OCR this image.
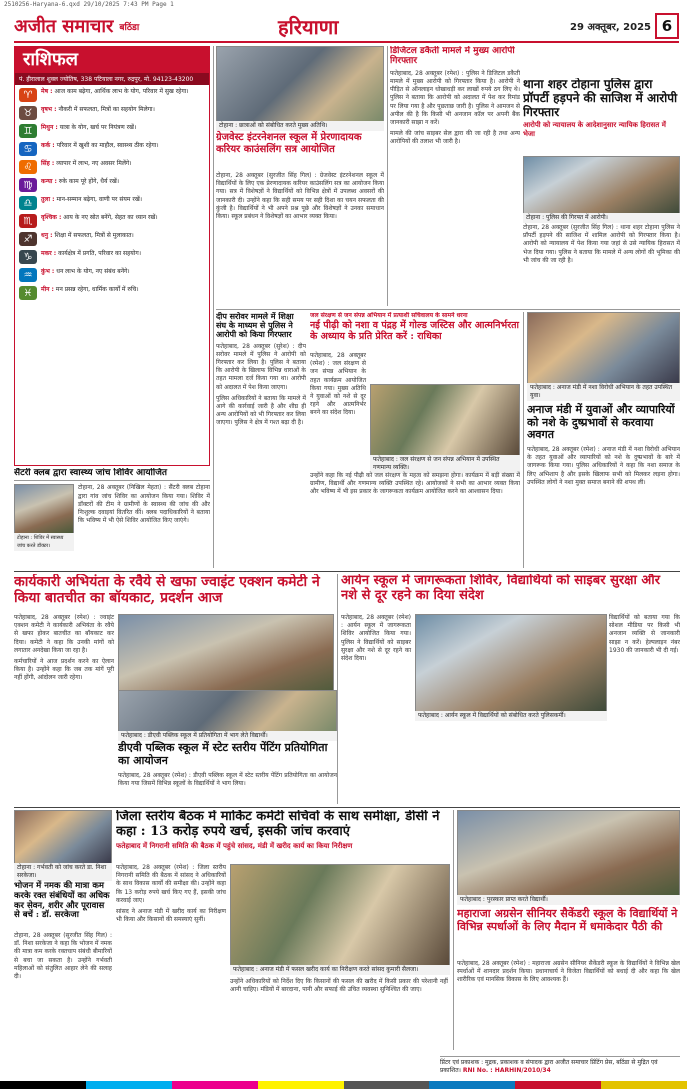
2510256-Haryana-6.qxd 29/10/2025 7:43 PM Page 1
अजीत समाचार बठिंडा	हरियाणा	29 अक्तूबर, 2025 6
राशिफल
पं. हीरालाल शुक्ल ज्योतिष, 338 पटियाला नगर, रुद्रपुर, मो. 94123-43200
♈	मेष : आज काम बढ़ेगा, आर्थिक लाभ के योग, परिवार में सुख रहेगा।
♉	वृषभ : नौकरी में सफलता, मित्रों का सहयोग मिलेगा।
♊	मिथुन : यात्रा के योग, खर्च पर नियंत्रण रखें।
♋	कर्क : परिवार में खुशी का माहौल, स्वास्थ्य ठीक रहेगा।
♌	सिंह : व्यापार में लाभ, नए अवसर मिलेंगे।
♍	कन्या : रुके काम पूरे होंगे, धैर्य रखें।
♎	तुला : मान-सम्मान बढ़ेगा, वाणी पर संयम रखें।
♏	वृश्चिक : आय के नए स्रोत बनेंगे, सेहत का ध्यान रखें।
♐	धनु : शिक्षा में सफलता, मित्रों से मुलाकात।
♑	मकर : कार्यक्षेत्र में प्रगति, परिवार का सहयोग।
♒	कुंभ : धन लाभ के योग, नए संबंध बनेंगे।
♓	मीन : मन प्रसन्न रहेगा, धार्मिक कार्यों में रुचि।
सैंटरी क्लब द्वारा स्वास्थ्य जांच शिविर आयोजित
टोहाना : शिविर में स्वास्थ्य जांच करते डॉक्टर।

टोहाना, 28 अक्तूबर (निखिल मेहता) : सैंटरी क्लब टोहाना द्वारा गांव जांच शिविर का आयोजन किया गया। शिविर में डॉक्टरों की टीम ने ग्रामीणों के स्वास्थ्य की जांच की और निःशुल्क दवाइयां वितरित कीं। क्लब पदाधिकारियों ने बताया कि भविष्य में भी ऐसे शिविर आयोजित किए जाएंगे।

टोहाना : छात्राओं को संबोधित करते मुख्य अतिथि।
ग्रेजवेस्ट इंटरनेशनल स्कूल में प्रेरणादायक करियर काउंसलिंग सत्र आयोजित

टोहाना, 28 अक्तूबर (सुरजीत सिंह गिल) : ग्रेजवेस्ट इंटरनेशनल स्कूल में विद्यार्थियों के लिए एक प्रेरणादायक करियर काउंसलिंग सत्र का आयोजन किया गया। सत्र में विशेषज्ञों ने विद्यार्थियों को विभिन्न क्षेत्रों में उपलब्ध अवसरों की जानकारी दी। उन्होंने कहा कि सही समय पर सही दिशा का चयन सफलता की कुंजी है। विद्यार्थियों ने भी अपने प्रश्न पूछे और विशेषज्ञों ने उनका समाधान किया। स्कूल प्रबंधन ने विशेषज्ञों का आभार व्यक्त किया।

डिजिटल डकैती मामले में मुख्य आरोपी गिरफ्तार

फतेहाबाद, 28 अक्तूबर (रमेश) : पुलिस ने डिजिटल डकैती मामले में मुख्य आरोपी को गिरफ्तार किया है। आरोपी ने पीड़ित से ऑनलाइन धोखाधड़ी कर लाखों रुपये ठग लिए थे। पुलिस ने बताया कि आरोपी को अदालत में पेश कर रिमांड पर लिया गया है और पूछताछ जारी है। पुलिस ने आमजन से अपील की है कि किसी भी अनजान कॉल पर अपनी बैंक जानकारी साझा न करें।

मामले की जांच साइबर सेल द्वारा की जा रही है तथा अन्य आरोपियों की तलाश भी जारी है।

थाना शहर टोहाना पुलिस द्वारा प्रॉपर्टी हड़पने की साजिश में आरोपी गिरफ्तार
आरोपी को न्यायालय के आदेशानुसार न्यायिक हिरासत में भेजा
टोहाना : पुलिस की गिरफ्त में आरोपी।

टोहाना, 28 अक्तूबर (सुरजीत सिंह गिल) : थाना शहर टोहाना पुलिस ने प्रॉपर्टी हड़पने की साजिश में शामिल आरोपी को गिरफ्तार किया है। आरोपी को न्यायालय में पेश किया गया जहां से उसे न्यायिक हिरासत में भेज दिया गया। पुलिस ने बताया कि मामले में अन्य लोगों की भूमिका की भी जांच की जा रही है।

दीप सरोवर मामले में शिक्षा संघ के माध्यम से पुलिस ने आरोपी को किया गिरफ्तार

फतेहाबाद, 28 अक्तूबर (सुरेश) : दीप सरोवर मामले में पुलिस ने आरोपी को गिरफ्तार कर लिया है। पुलिस ने बताया कि आरोपी के खिलाफ विभिन्न धाराओं के तहत मामला दर्ज किया गया था। आरोपी को अदालत में पेश किया जाएगा।

पुलिस अधिकारियों ने बताया कि मामले में आगे की कार्रवाई जारी है और शीघ्र ही अन्य आरोपियों को भी गिरफ्तार कर लिया जाएगा। पुलिस ने क्षेत्र में गश्त बढ़ा दी है।

जल संरक्षण से जन संपन्न अभियान में प्रत्याशी सचिवालय के सामने धरना
नई पीढ़ी को नशा व पंद्रह में गोल्ड जस्टिस और आत्मनिर्भरता के अध्याय के प्रति प्रेरित करें : राधिका
फतेहाबाद : जल संरक्षण से जन संपन्न अभियान में उपस्थित गणमान्य व्यक्ति।

फतेहाबाद, 28 अक्तूबर (रमेश) : जल संरक्षण से जन संपन्न अभियान के तहत कार्यक्रम आयोजित किया गया। मुख्य अतिथि ने युवाओं को नशे से दूर रहने और आत्मनिर्भर बनने का संदेश दिया।

उन्होंने कहा कि नई पीढ़ी को जल संरक्षण के महत्व को समझना होगा। कार्यक्रम में बड़ी संख्या में ग्रामीण, विद्यार्थी और गणमान्य व्यक्ति उपस्थित रहे। आयोजकों ने सभी का आभार व्यक्त किया और भविष्य में भी इस प्रकार के जागरूकता कार्यक्रम आयोजित करने का आश्वासन दिया।

फतेहाबाद : अनाज मंडी में नशा विरोधी अभियान के तहत उपस्थित युवा।
अनाज मंडी में युवाओं और व्यापारियों को नशे के दुष्प्रभावों से करवाया अवगत

फतेहाबाद, 28 अक्तूबर (रमेश) : अनाज मंडी में नशा विरोधी अभियान के तहत युवाओं और व्यापारियों को नशे के दुष्प्रभावों के बारे में जागरूक किया गया। पुलिस अधिकारियों ने कहा कि नशा समाज के लिए अभिशाप है और इसके खिलाफ सभी को मिलकर लड़ना होगा। उपस्थित लोगों ने नशा मुक्त समाज बनाने की शपथ ली।

कार्यकारी अभियंता के रवैये से खफा ज्वाइंट एक्शन कमेटी ने किया बातचीत का बॉयकाट, प्रदर्शन आज

फतेहाबाद, 28 अक्तूबर (रमेश) : ज्वाइंट एक्शन कमेटी ने कार्यकारी अभियंता के रवैये से खफा होकर बातचीत का बॉयकाट कर दिया। कमेटी ने कहा कि उनकी मांगों को लगातार अनदेखा किया जा रहा है।

कर्मचारियों ने आज प्रदर्शन करने का ऐलान किया है। उन्होंने कहा कि जब तक मांगें पूरी नहीं होंगी, आंदोलन जारी रहेगा।

आर्यन स्कूल में जागरूकता शिविर, विद्यार्थियों को साइबर सुरक्षा और नशे से दूर रहने का दिया संदेश

फतेहाबाद, 28 अक्तूबर (रमेश) : आर्यन स्कूल में जागरूकता शिविर आयोजित किया गया। पुलिस ने विद्यार्थियों को साइबर सुरक्षा और नशे से दूर रहने का संदेश दिया।

फतेहाबाद : आर्यन स्कूल में विद्यार्थियों को संबोधित करते पुलिसकर्मी।

विद्यार्थियों को बताया गया कि सोशल मीडिया पर किसी भी अनजान व्यक्ति से जानकारी साझा न करें। हेल्पलाइन नंबर 1930 की जानकारी भी दी गई।

फतेहाबाद : डीएवी पब्लिक स्कूल में प्रतियोगिता में भाग लेते विद्यार्थी।
डीएवी पब्लिक स्कूल में स्टेट स्तरीय पेंटिंग प्रतियोगिता का आयोजन

फतेहाबाद, 28 अक्तूबर (रमेश) : डीएवी पब्लिक स्कूल में स्टेट स्तरीय पेंटिंग प्रतियोगिता का आयोजन किया गया जिसमें विभिन्न स्कूलों के विद्यार्थियों ने भाग लिया।

जिला स्तरीय बैठक में मार्किट कमेटी सचिवों के साथ समीक्षा, डीसी ने कहा : 13 करोड़ रुपये खर्च, इसकी जांच करवाएं
फतेहाबाद में निगरानी समिति की बैठक में पहुंचे सांसद, मंडी में खरीद कार्य का किया निरीक्षण

फतेहाबाद, 28 अक्तूबर (रमेश) : जिला स्तरीय निगरानी समिति की बैठक में सांसद ने अधिकारियों के साथ विकास कार्यों की समीक्षा की। उन्होंने कहा कि 13 करोड़ रुपये खर्च किए गए हैं, इसकी जांच करवाई जाए।

सांसद ने अनाज मंडी में खरीद कार्य का निरीक्षण भी किया और किसानों की समस्याएं सुनीं।

फतेहाबाद : अनाज मंडी में फसल खरीद कार्य का निरीक्षण करते सांसद कुमारी सैलजा।

उन्होंने अधिकारियों को निर्देश दिए कि किसानों की फसल की खरीद में किसी प्रकार की परेशानी नहीं आनी चाहिए। मंडियों में बारदाना, पानी और सफाई की उचित व्यवस्था सुनिश्चित की जाए।

टोहाना : गर्भवती को जांच करते डा. निशा सरकेजा।
भोजन में नमक की मात्रा कम करके रक्त संबंधियों का अधिक कर सेवन, शरीर और पूरावास से बचें : डॉ. सरकेजा

टोहाना, 28 अक्तूबर (सुरजीत सिंह गिल) : डॉ. निशा सरकेजा ने कहा कि भोजन में नमक की मात्रा कम करके रक्तचाप संबंधी बीमारियों से बचा जा सकता है। उन्होंने गर्भवती महिलाओं को संतुलित आहार लेने की सलाह दी।

फतेहाबाद : पुरस्कार प्राप्त करते विद्यार्थी।
महाराजा अग्रसेन सीनियर सैकेंडरी स्कूल के विद्यार्थियों ने विभिन्न स्पर्धाओं के लिए मैदान में धमाकेदार पैठी की

फतेहाबाद, 28 अक्तूबर (रमेश) : महाराजा अग्रसेन सीनियर सैकेंडरी स्कूल के विद्यार्थियों ने विभिन्न खेल स्पर्धाओं में शानदार प्रदर्शन किया। प्रधानाचार्य ने विजेता विद्यार्थियों को बधाई दी और कहा कि खेल शारीरिक एवं मानसिक विकास के लिए आवश्यक हैं।

प्रिंटर एवं प्रकाशक : मुद्रक, प्रकाशक व संपादक द्वारा अजीत समाचार प्रिंटिंग प्रेस, बठिंडा से मुद्रित एवं प्रकाशित। RNI No. : HARHIN/2010/34
